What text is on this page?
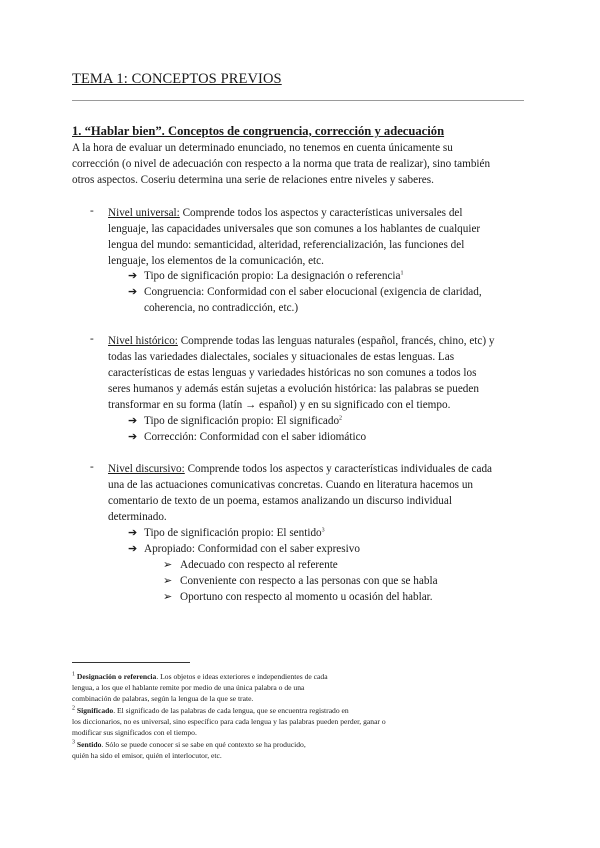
TEMA 1: CONCEPTOS PREVIOS
1. “Hablar bien”. Conceptos de congruencia, corrección y adecuación
A la hora de evaluar un determinado enunciado, no tenemos en cuenta únicamente su
corrección (o nivel de adecuación con respecto a la norma que trata de realizar), sino también
otros aspectos. Coseriu determina una serie de relaciones entre niveles y saberes.
- Nivel universal: Comprende todos los aspectos y características universales del
lenguaje, las capacidades universales que son comunes a los hablantes de cualquier
lengua del mundo: semanticidad, alteridad, referencialización, las funciones del
lenguaje, los elementos de la comunicación, etc.
➔ Tipo de significación propio: La designación o referencia$^1$
➔ Congruencia: Conformidad con el saber elocucional (exigencia de claridad,
coherencia, no contradicción, etc.)
- Nivel histórico: Comprende todas las lenguas naturales (español, francés, chino, etc) y
todas las variedades dialectales, sociales y situacionales de estas lenguas. Las
características de estas lenguas y variedades históricas no son comunes a todos los
seres humanos y además están sujetas a evolución histórica: las palabras se pueden
transformar en su forma (latín → español) y en su significado con el tiempo.
➔ Tipo de significación propio: El significado$^2$
➔ Corrección: Conformidad con el saber idiomático
- Nivel discursivo: Comprende todos los aspectos y características individuales de cada
una de las actuaciones comunicativas concretas. Cuando en literatura hacemos un
comentario de texto de un poema, estamos analizando un discurso individual
determinado.
➔ Tipo de significación propio: El sentido$^3$
➔ Apropiado: Conformidad con el saber expresivo
➢ Adecuado con respecto al referente
➢ Conveniente con respecto a las personas con que se habla
➢ Oportuno con respecto al momento u ocasión del hablar.
$^1$ Designación o referencia. Los objetos e ideas exteriores e independientes de cada
lengua, a los que el hablante remite por medio de una única palabra o de una
combinación de palabras, según la lengua de la que se trate.
$^2$ Significado. El significado de las palabras de cada lengua, que se encuentra registrado en
los diccionarios, no es universal, sino específico para cada lengua y las palabras pueden perder, ganar o
modificar sus significados con el tiempo.
$^3$ Sentido. Sólo se puede conocer si se sabe en qué contexto se ha producido,
quién ha sido el emisor, quién el interlocutor, etc.
